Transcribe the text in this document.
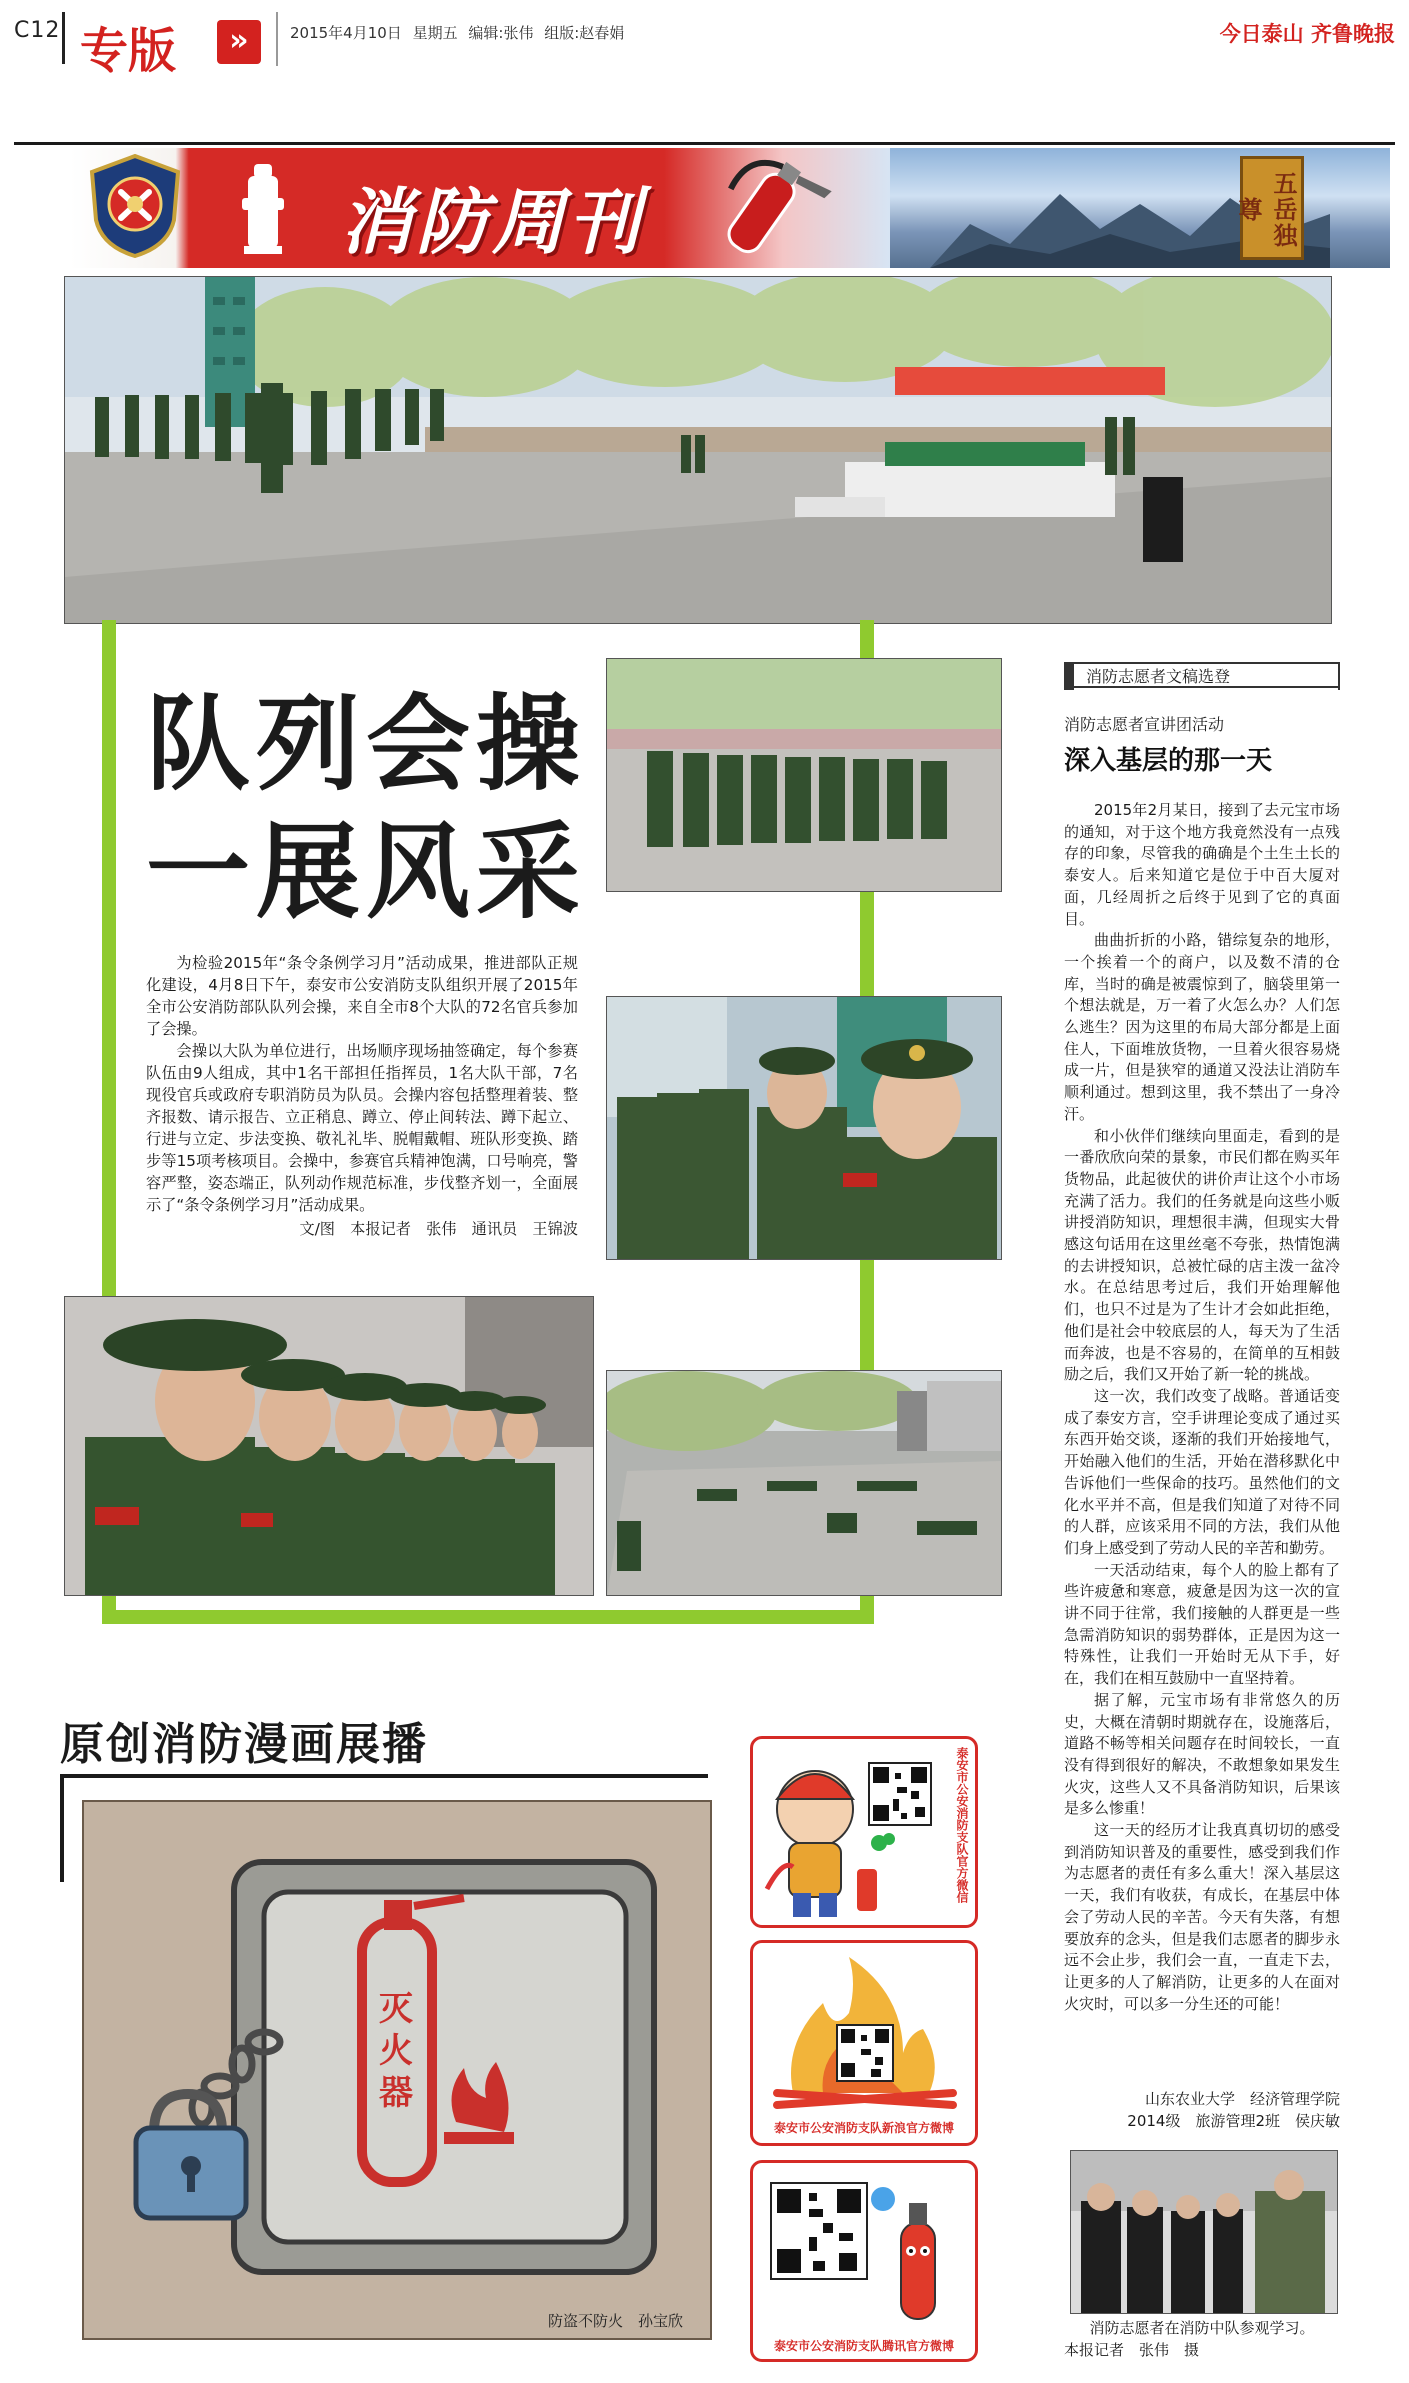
C12 专版	»	2015年4月10日 星期五 编辑:张伟 组版:赵春娟	今日泰山 齐鲁晚报
消防周刊	五岳独尊
队列会操
一展风采

为检验2015年“条令条例学习月”活动成果，推进部队正规化建设，4月8日下午，泰安市公安消防支队组织开展了2015年全市公安消防部队队列会操，来自全市8个大队的72名官兵参加了会操。

会操以大队为单位进行，出场顺序现场抽签确定，每个参赛队伍由9人组成，其中1名干部担任指挥员，1名大队干部，7名现役官兵或政府专职消防员为队员。会操内容包括整理着装、整齐报数、请示报告、立正稍息、蹲立、停止间转法、蹲下起立、行进与立定、步法变换、敬礼礼毕、脱帽戴帽、班队形变换、踏步等15项考核项目。会操中，参赛官兵精神饱满，口号响亮，警容严整，姿态端正，队列动作规范标准，步伐整齐划一，全面展示了“条令条例学习月”活动成果。

文/图　本报记者　张伟　通讯员　王锦波

消防志愿者文稿选登
消防志愿者宣讲团活动
深入基层的那一天

2015年2月某日，接到了去元宝市场的通知，对于这个地方我竟然没有一点残存的印象，尽管我的确确是个土生土长的泰安人。后来知道它是位于中百大厦对面，几经周折之后终于见到了它的真面目。

曲曲折折的小路，错综复杂的地形，一个挨着一个的商户，以及数不清的仓库，当时的确是被震惊到了，脑袋里第一个想法就是，万一着了火怎么办？人们怎么逃生？因为这里的布局大部分都是上面住人，下面堆放货物，一旦着火很容易烧成一片，但是狭窄的通道又没法让消防车顺利通过。想到这里，我不禁出了一身冷汗。

和小伙伴们继续向里面走，看到的是一番欣欣向荣的景象，市民们都在购买年货物品，此起彼伏的讲价声让这个小市场充满了活力。我们的任务就是向这些小贩讲授消防知识，理想很丰满，但现实大骨感这句话用在这里丝毫不夸张，热情饱满的去讲授知识，总被忙碌的店主泼一盆冷水。在总结思考过后，我们开始理解他们，也只不过是为了生计才会如此拒绝，他们是社会中较底层的人，每天为了生活而奔波，也是不容易的，在简单的互相鼓励之后，我们又开始了新一轮的挑战。

这一次，我们改变了战略。普通话变成了泰安方言，空手讲理论变成了通过买东西开始交谈，逐渐的我们开始接地气，开始融入他们的生活，开始在潜移默化中告诉他们一些保命的技巧。虽然他们的文化水平并不高，但是我们知道了对待不同的人群，应该采用不同的方法，我们从他们身上感受到了劳动人民的辛苦和勤劳。

一天活动结束，每个人的脸上都有了些许疲惫和寒意，疲惫是因为这一次的宣讲不同于往常，我们接触的人群更是一些急需消防知识的弱势群体，正是因为这一特殊性，让我们一开始时无从下手，好在，我们在相互鼓励中一直坚持着。

据了解，元宝市场有非常悠久的历史，大概在清朝时期就存在，设施落后，道路不畅等相关问题存在时间较长，一直没有得到很好的解决，不敢想象如果发生火灾，这些人又不具备消防知识，后果该是多么惨重！

这一天的经历才让我真真切切的感受到消防知识普及的重要性，感受到我们作为志愿者的责任有多么重大！深入基层这一天，我们有收获，有成长，在基层中体会了劳动人民的辛苦。今天有失落，有想要放弃的念头，但是我们志愿者的脚步永远不会止步，我们会一直，一直走下去，让更多的人了解消防，让更多的人在面对火灾时，可以多一分生还的可能！

山东农业大学　经济管理学院
2014级　旅游管理2班　侯庆敏
消防志愿者在消防中队参观学习。
本报记者　张伟　摄
原创消防漫画展播
灭火器
防盗不防火　孙宝欣
泰安市公安消防支队官方微信
泰安市公安消防支队新浪官方微博
泰安市公安消防支队腾讯官方微博
